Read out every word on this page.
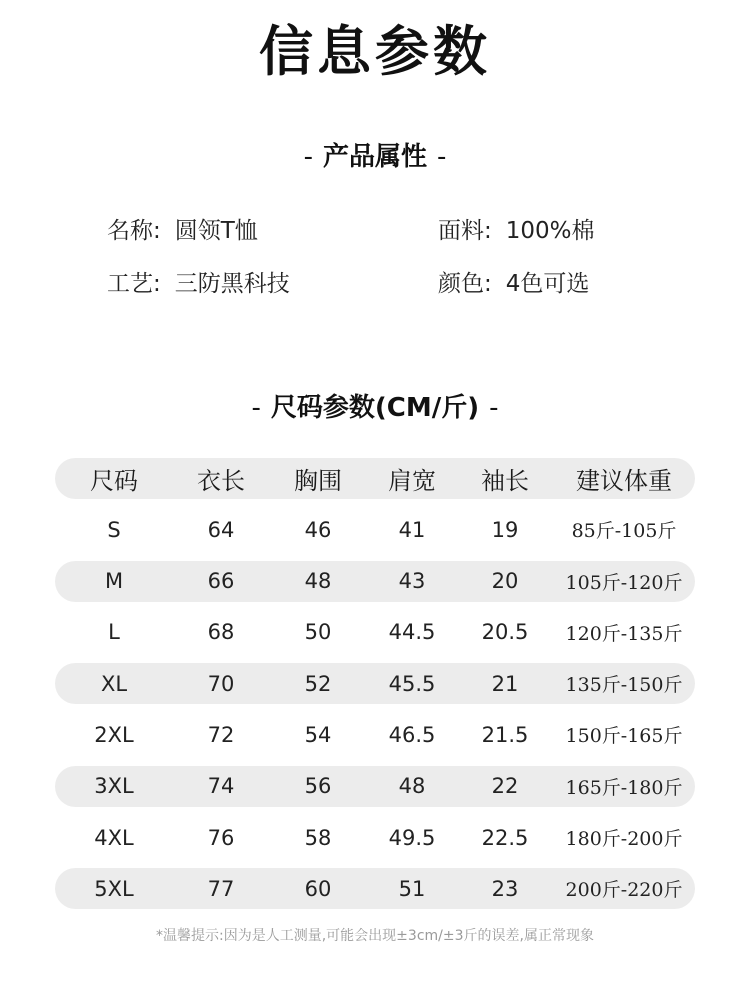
信息参数
- 产品属性 -
名称: 圆领T恤	面料: 100%棉
工艺: 三防黑科技	颜色: 4色可选
- 尺码参数(CM/斤) -
尺码	衣长	胸围	肩宽	袖长	建议体重
S	64	46	41	19	85斤-105斤
M	66	48	43	20	105斤-120斤
L	68	50	44.5	20.5	120斤-135斤
XL	70	52	45.5	21	135斤-150斤
2XL	72	54	46.5	21.5	150斤-165斤
3XL	74	56	48	22	165斤-180斤
4XL	76	58	49.5	22.5	180斤-200斤
5XL	77	60	51	23	200斤-220斤
*温馨提示:因为是人工测量,可能会出现±3cm/±3斤的误差,属正常现象
